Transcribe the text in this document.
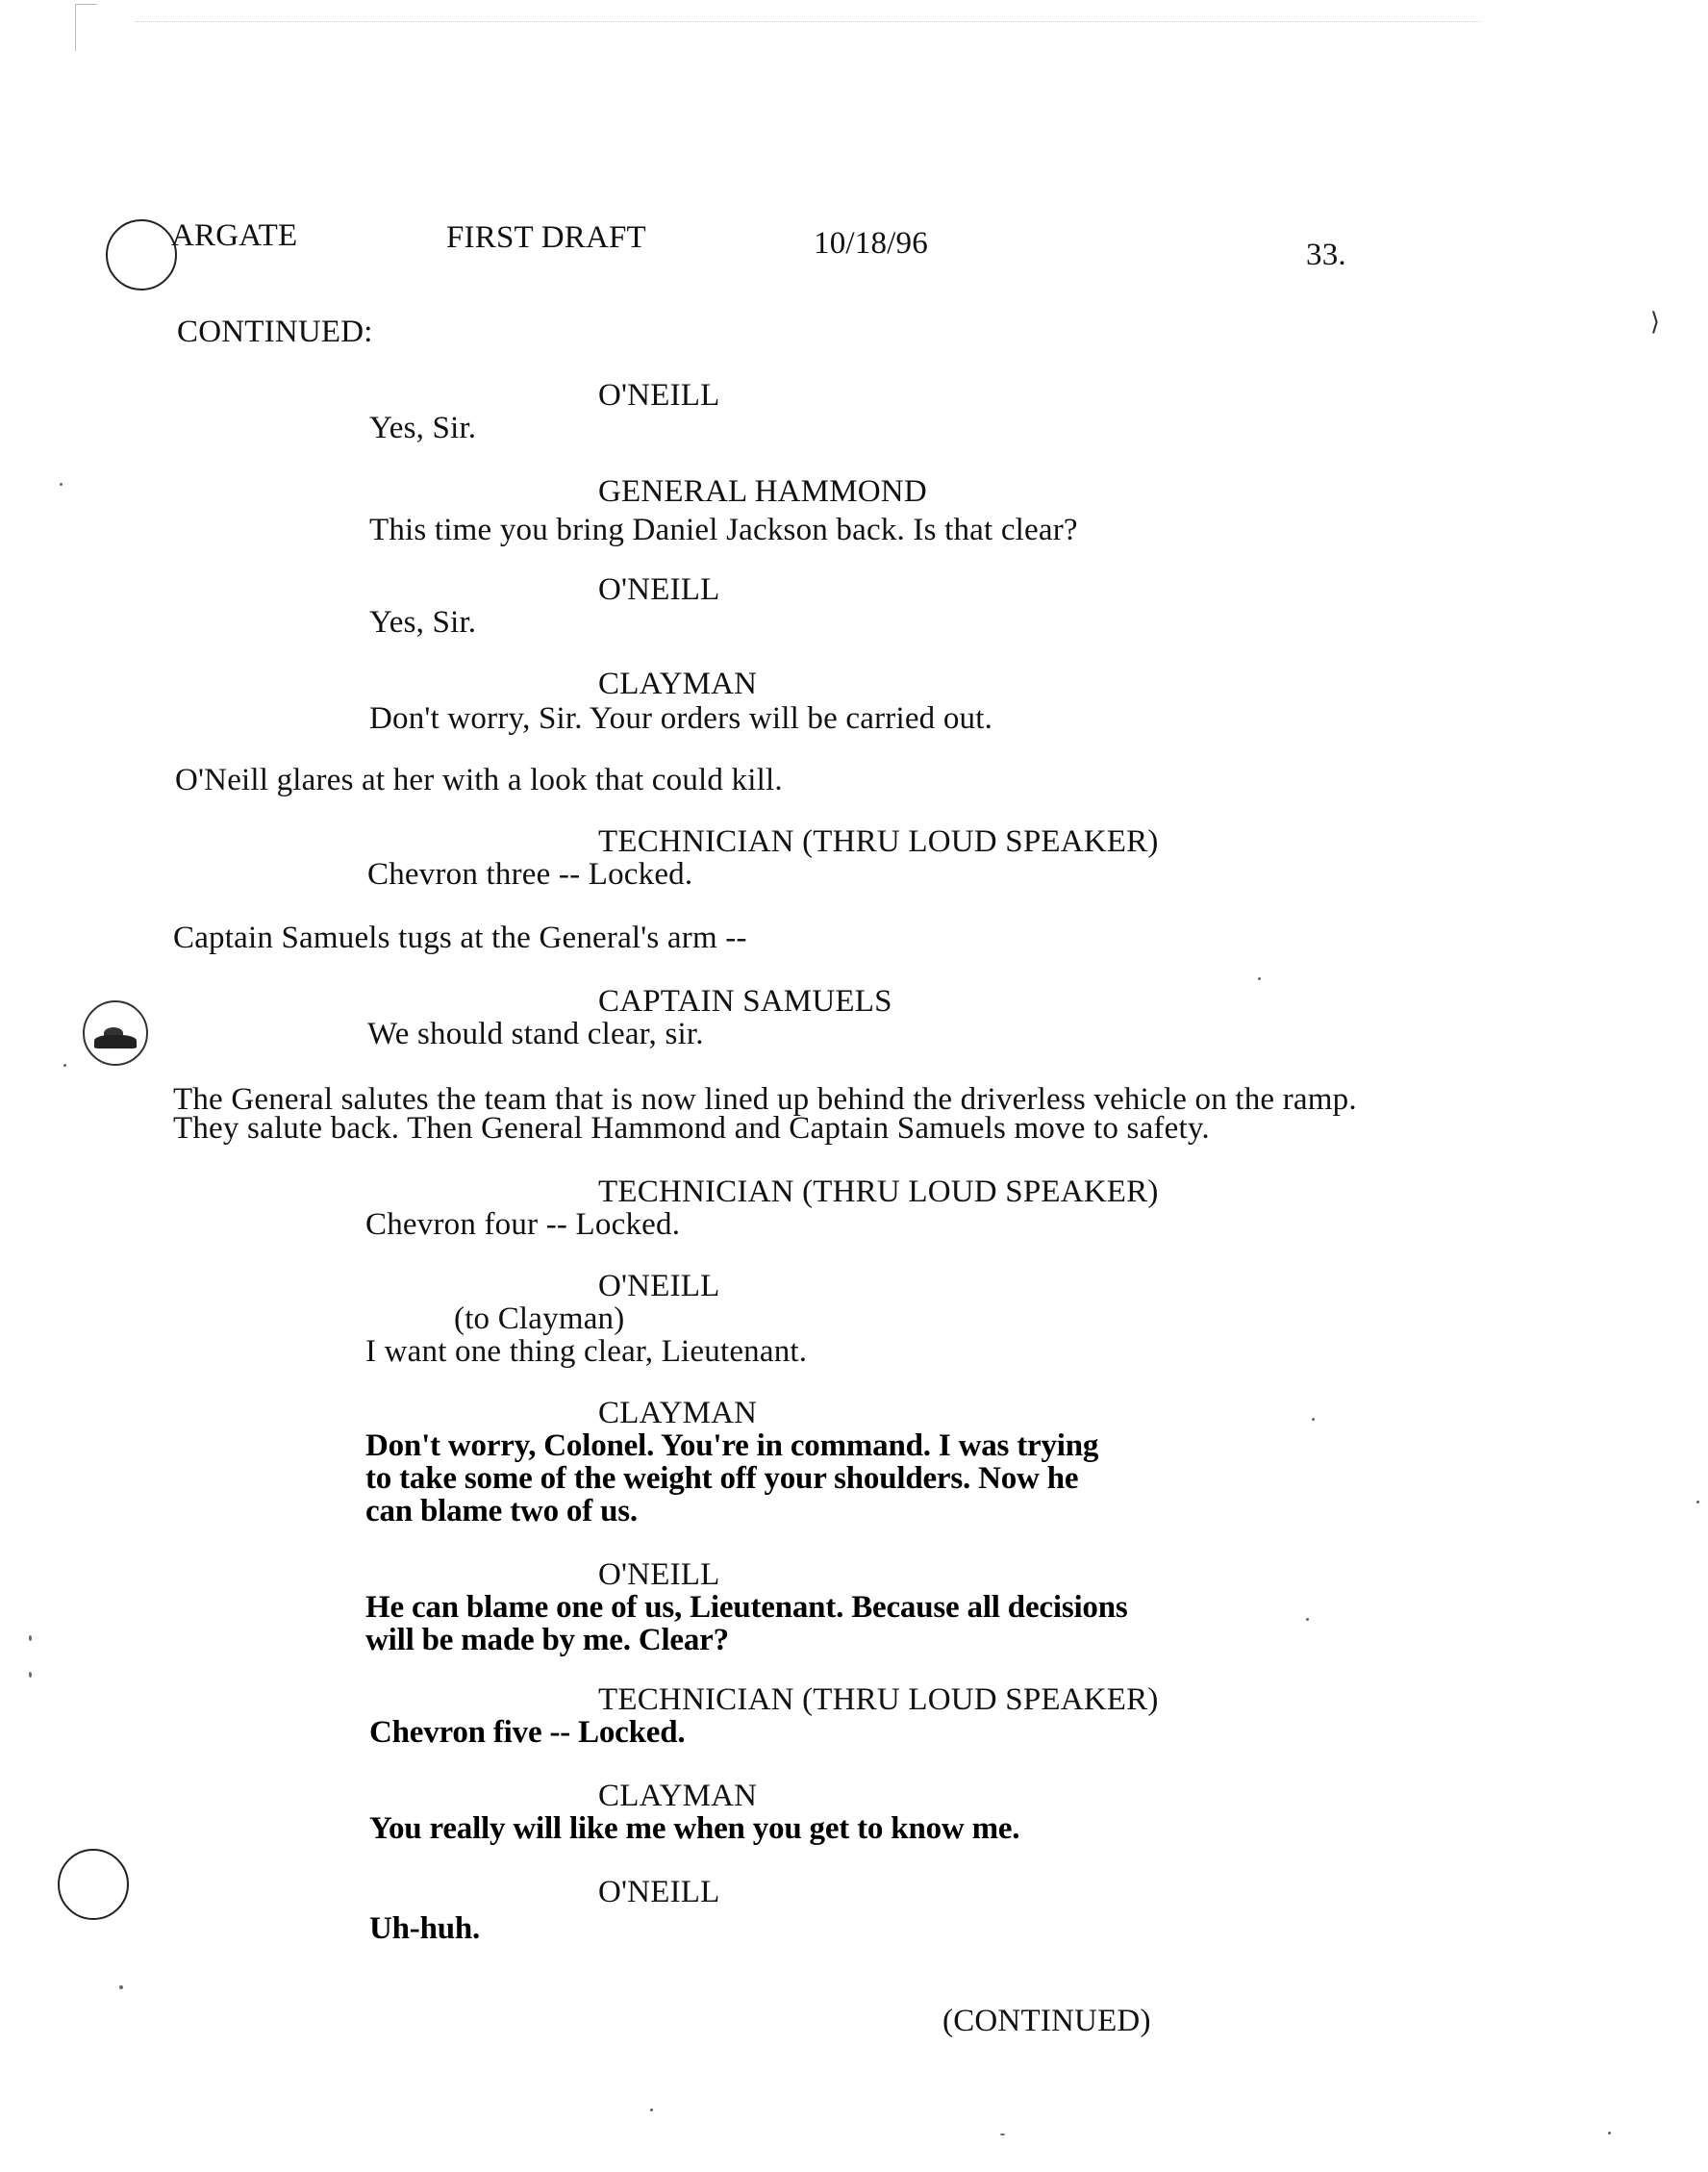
ARGATE	FIRST DRAFT	10/18/96	33.
⟩
CONTINUED:
O'NEILL
Yes, Sir.
GENERAL HAMMOND
This time you bring Daniel Jackson back. Is that clear?
O'NEILL
Yes, Sir.
CLAYMAN
Don't worry, Sir. Your orders will be carried out.
O'Neill glares at her with a look that could kill.
TECHNICIAN (THRU LOUD SPEAKER)
Chevron three -- Locked.
Captain Samuels tugs at the General's arm --
CAPTAIN SAMUELS
We should stand clear, sir.
The General salutes the team that is now lined up behind the driverless vehicle on the ramp.
They salute back. Then General Hammond and Captain Samuels move to safety.
TECHNICIAN (THRU LOUD SPEAKER)
Chevron four -- Locked.
O'NEILL
(to Clayman)
I want one thing clear, Lieutenant.
CLAYMAN
Don't worry, Colonel. You're in command. I was trying
to take some of the weight off your shoulders. Now he
can blame two of us.
O'NEILL
He can blame one of us, Lieutenant. Because all decisions
will be made by me. Clear?
TECHNICIAN (THRU LOUD SPEAKER)
Chevron five -- Locked.
CLAYMAN
You really will like me when you get to know me.
O'NEILL
Uh-huh.
(CONTINUED)
